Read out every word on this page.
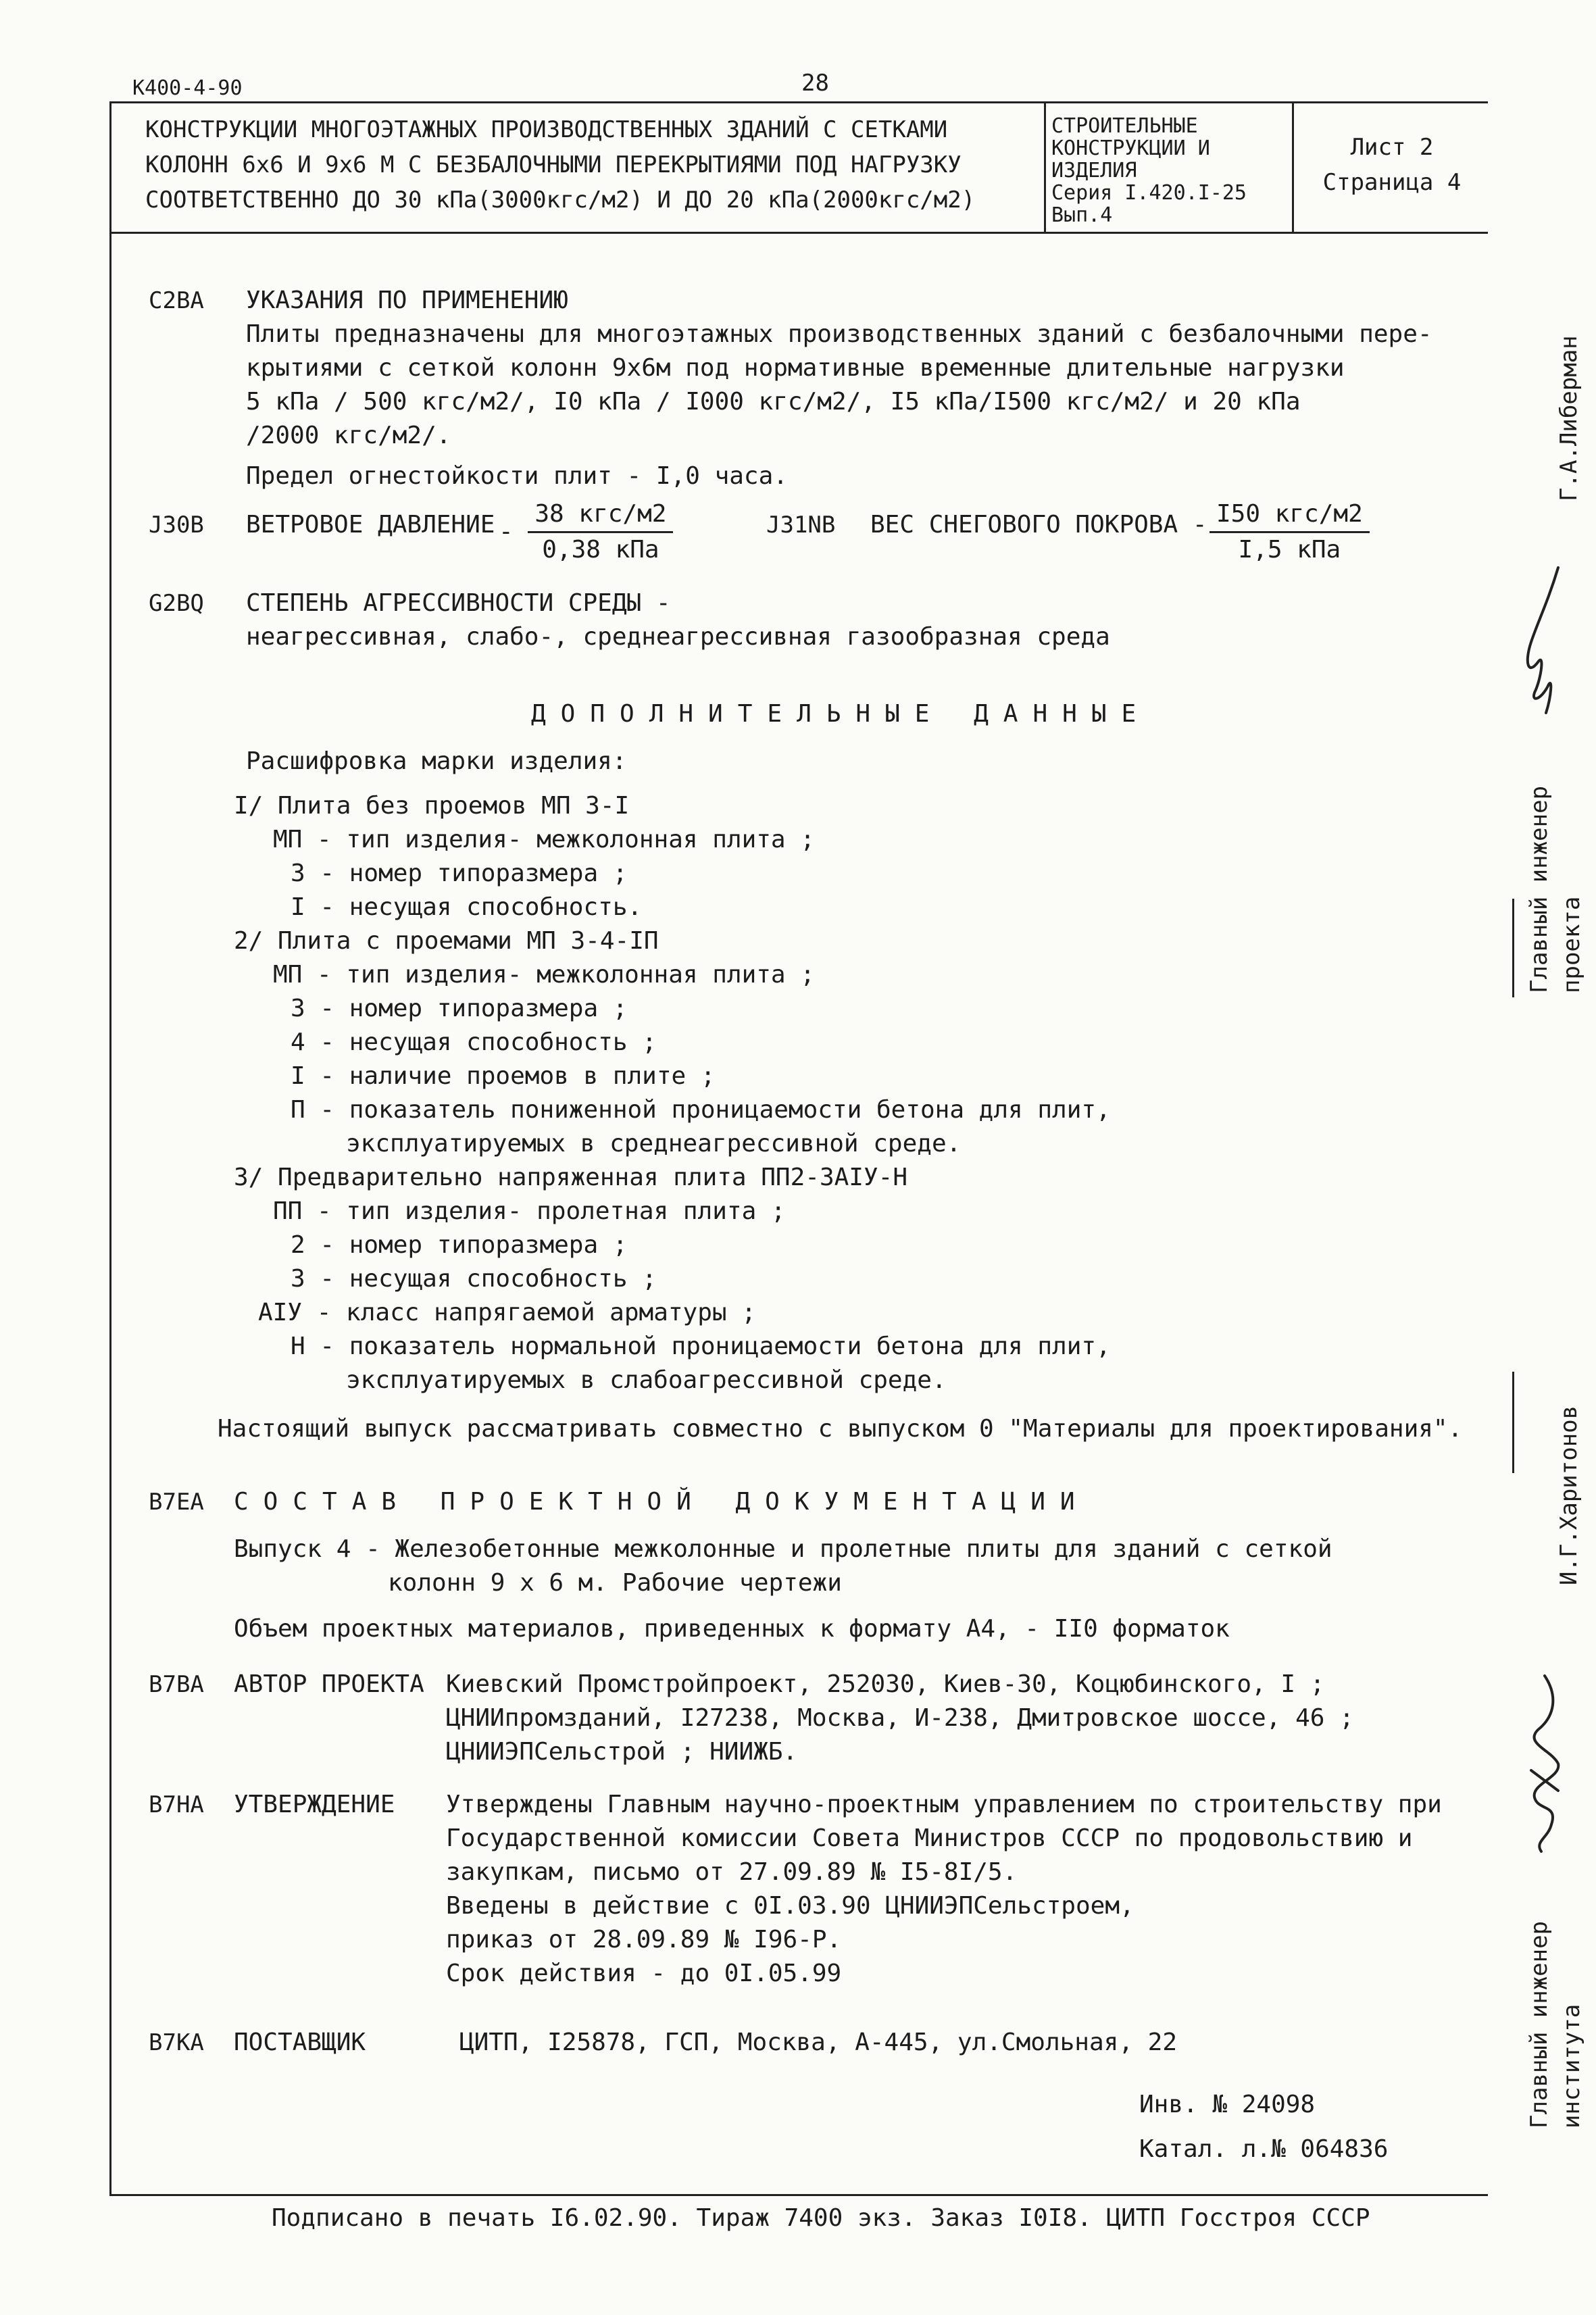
К400-4-90	28
КОНСТРУКЦИИ МНОГОЭТАЖНЫХ ПРОИЗВОДСТВЕННЫХ ЗДАНИЙ С СЕТКАМИ
КОЛОНН 6х6 И 9х6 М С БЕЗБАЛОЧНЫМИ ПЕРЕКРЫТИЯМИ ПОД НАГРУЗКУ
СООТВЕТСТВЕННО ДО 30 кПа(3000кгс/м2) И ДО 20 кПа(2000кгс/м2)
СТРОИТЕЛЬНЫЕ
КОНСТРУКЦИИ И
ИЗДЕЛИЯ
Серия I.420.I-25
Вып.4
Лист 2
Страница 4
С2ВА УКАЗАНИЯ ПО ПРИМЕНЕНИЮ
Плиты предназначены для многоэтажных производственных зданий с безбалочными пере-
крытиями с сеткой колонн 9х6м под нормативные временные длительные нагрузки
5 кПа / 500 кгс/м2/, I0 кПа / I000 кгс/м2/, I5 кПа/I500 кгс/м2/ и 20 кПа
/2000 кгс/м2/.
Предел огнестойкости плит - I,0 часа.
J30B ВЕТРОВОЕ ДАВЛЕНИЕ - $\frac{\text{38 кгс/м2}}{\text{0,38 кПа}}$	J31NB ВЕС СНЕГОВОГО ПОКРОВА - $\frac{\text{I50 кгс/м2}}{\text{I,5 кПа}}$
G2BQ СТЕПЕНЬ АГРЕССИВНОСТИ СРЕДЫ -
неагрессивная, слабо-, среднеагрессивная газообразная среда
ДОПОЛНИТЕЛЬНЫЕ ДАННЫЕ
Расшифровка марки изделия:
I/ Плита без проемов МП 3-I
МП - тип изделия- межколонная плита ;
3 - номер типоразмера ;
I - несущая способность.
2/ Плита с проемами МП 3-4-IП
МП - тип изделия- межколонная плита ;
3 - номер типоразмера ;
4 - несущая способность ;
I - наличие проемов в плите ;
П - показатель пониженной проницаемости бетона для плит,
эксплуатируемых в среднеагрессивной среде.
3/ Предварительно напряженная плита ПП2-3АIУ-Н
ПП - тип изделия- пролетная плита ;
2 - номер типоразмера ;
3 - несущая способность ;
АIУ - класс напрягаемой арматуры ;
Н - показатель нормальной проницаемости бетона для плит,
эксплуатируемых в слабоагрессивной среде.
Настоящий выпуск рассматривать совместно с выпуском 0 "Материалы для проектирования".
В7ЕА СОСТАВ ПРОЕКТНОЙ ДОКУМЕНТАЦИИ
Выпуск 4 - Железобетонные межколонные и пролетные плиты для зданий с сеткой
колонн 9 х 6 м. Рабочие чертежи
Объем проектных материалов, приведенных к формату А4, - II0 форматок
В7ВА АВТОР ПРОЕКТА Киевский Промстройпроект, 252030, Киев-30, Коцюбинского, I ;
ЦНИИпромзданий, I27238, Москва, И-238, Дмитровское шоссе, 46 ;
ЦНИИЭПСельстрой ; НИИЖБ.
В7НА УТВЕРЖДЕНИЕ Утверждены Главным научно-проектным управлением по строительству при
Государственной комиссии Совета Министров СССР по продовольствию и
закупкам, письмо от 27.09.89 № I5-8I/5.
Введены в действие с 0I.03.90 ЦНИИЭПСельстроем,
приказ от 28.09.89 № I96-Р.
Срок действия - до 0I.05.99
В7КА ПОСТАВЩИК	ЦИТП, I25878, ГСП, Москва, А-445, ул.Смольная, 22
Инв. № 24098
Катал. л.№ 064836
Подписано в печать I6.02.90. Тираж 7400 экз. Заказ I0I8. ЦИТП Госстроя СССР
Г.А.Либерман
Главный инженер проекта
И.Г.Харитонов
Главный инженер института
